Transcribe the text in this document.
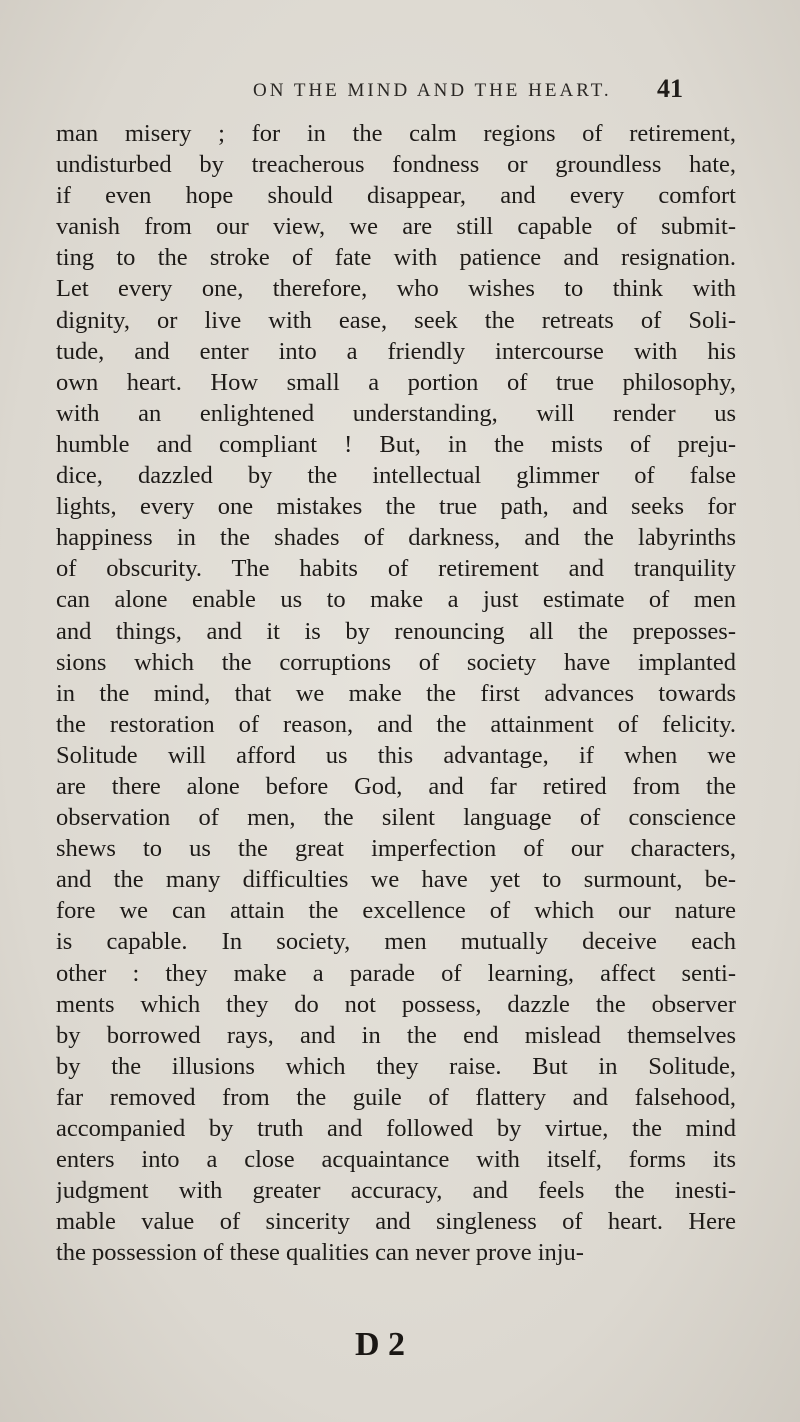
ON THE MIND AND THE HEART. 41
man misery ; for in the calm regions of retirement,
undisturbed by treacherous fondness or groundless hate,
if even hope should disappear, and every comfort
vanish from our view, we are still capable of submit-
ting to the stroke of fate with patience and resignation.
Let every one, therefore, who wishes to think with
dignity, or live with ease, seek the retreats of Soli-
tude, and enter into a friendly intercourse with his
own heart. How small a portion of true philosophy,
with an enlightened understanding, will render us
humble and compliant ! But, in the mists of preju-
dice, dazzled by the intellectual glimmer of false
lights, every one mistakes the true path, and seeks for
happiness in the shades of darkness, and the labyrinths
of obscurity. The habits of retirement and tranquility
can alone enable us to make a just estimate of men
and things, and it is by renouncing all the preposses-
sions which the corruptions of society have implanted
in the mind, that we make the first advances towards
the restoration of reason, and the attainment of felicity.
Solitude will afford us this advantage, if when we
are there alone before God, and far retired from the
observation of men, the silent language of conscience
shews to us the great imperfection of our characters,
and the many difficulties we have yet to surmount, be-
fore we can attain the excellence of which our nature
is capable. In society, men mutually deceive each
other : they make a parade of learning, affect senti-
ments which they do not possess, dazzle the observer
by borrowed rays, and in the end mislead themselves
by the illusions which they raise. But in Solitude,
far removed from the guile of flattery and falsehood,
accompanied by truth and followed by virtue, the mind
enters into a close acquaintance with itself, forms its
judgment with greater accuracy, and feels the inesti-
mable value of sincerity and singleness of heart. Here
the possession of these qualities can never prove inju-
D 2
